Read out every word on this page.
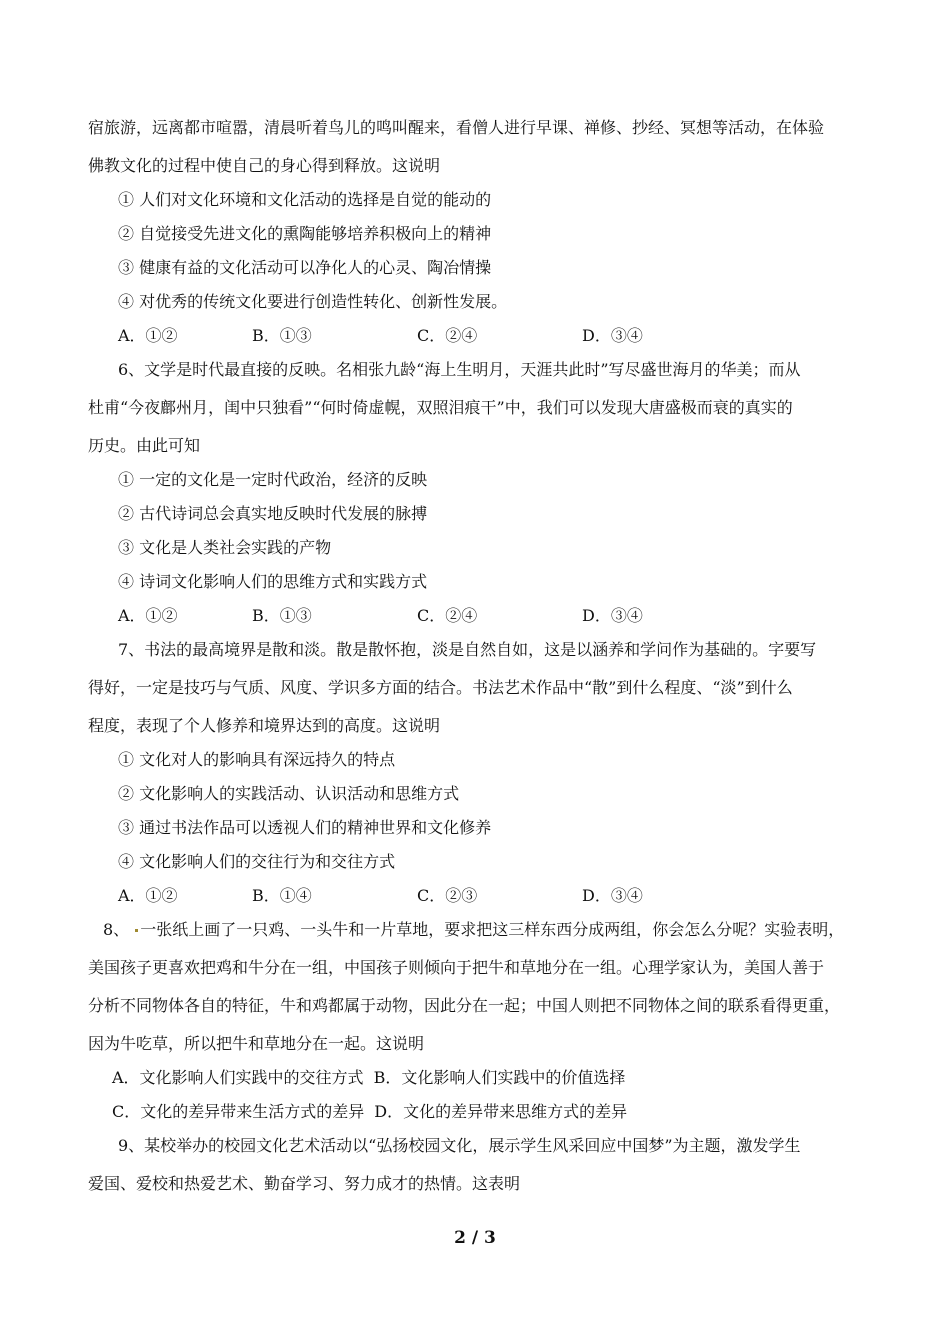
宿旅游，远离都市喧嚣，清晨听着鸟儿的鸣叫醒来，看僧人进行早课、禅修、抄经、冥想等活动，在体验
佛教文化的过程中使自己的身心得到释放。这说明
① 人们对文化环境和文化活动的选择是自觉的能动的
② 自觉接受先进文化的熏陶能够培养积极向上的精神
③ 健康有益的文化活动可以净化人的心灵、陶冶情操
④ 对优秀的传统文化要进行创造性转化、创新性发展。
A．①②	B．①③	C．②④	D．③④
6、文学是时代最直接的反映。名相张九龄“海上生明月，天涯共此时”写尽盛世海月的华美；而从
杜甫“今夜鄜州月，闺中只独看”“何时倚虚幌，双照泪痕干”中，我们可以发现大唐盛极而衰的真实的
历史。由此可知
① 一定的文化是一定时代政治，经济的反映
② 古代诗词总会真实地反映时代发展的脉搏
③ 文化是人类社会实践的产物
④ 诗词文化影响人们的思维方式和实践方式
A．①②	B．①③	C．②④	D．③④
7、书法的最高境界是散和淡。散是散怀抱，淡是自然自如，这是以涵养和学问作为基础的。字要写
得好，一定是技巧与气质、风度、学识多方面的结合。书法艺术作品中“散”到什么程度、“淡”到什么
程度，表现了个人修养和境界达到的高度。这说明
① 文化对人的影响具有深远持久的特点
② 文化影响人的实践活动、认识活动和思维方式
③ 通过书法作品可以透视人们的精神世界和文化修养
④ 文化影响人们的交往行为和交往方式
A．①②	B．①④	C．②③	D．③④
8、 一张纸上画了一只鸡、一头牛和一片草地，要求把这三样东西分成两组，你会怎么分呢？实验表明，
美国孩子更喜欢把鸡和牛分在一组，中国孩子则倾向于把牛和草地分在一组。心理学家认为，美国人善于
分析不同物体各自的特征，牛和鸡都属于动物，因此分在一起；中国人则把不同物体之间的联系看得更重，
因为牛吃草，所以把牛和草地分在一起。这说明
A．文化影响人们实践中的交往方式 B．文化影响人们实践中的价值选择
C．文化的差异带来生活方式的差异 D．文化的差异带来思维方式的差异
9、某校举办的校园文化艺术活动以“弘扬校园文化，展示学生风采回应中国梦”为主题，激发学生
爱国、爱校和热爱艺术、勤奋学习、努力成才的热情。这表明
2 / 3
